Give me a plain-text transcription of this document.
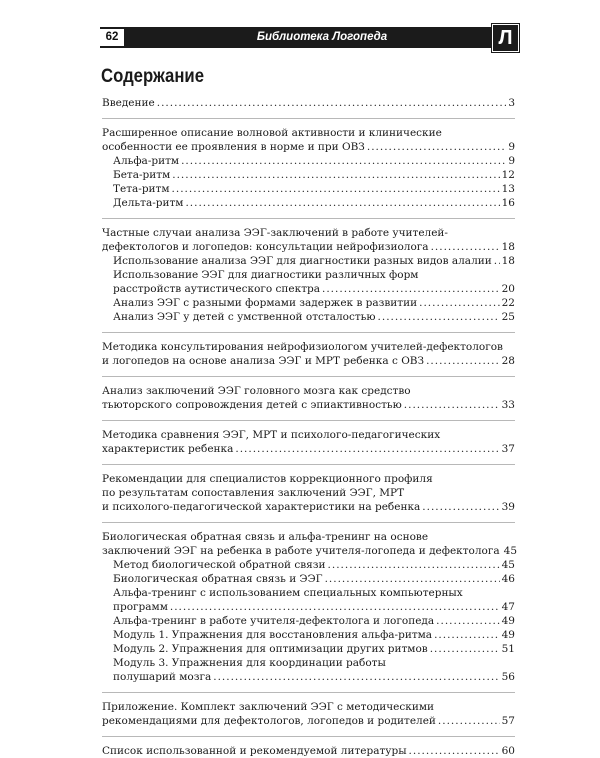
62	Библиотека Логопеда	Л
Содержание
Введение .....	3
Расширенное описание волновой активности и клинические
особенности ее проявления в норме и при ОВЗ .....	9
Альфа-ритм .....	9
Бета-ритм .....	12
Тета-ритм .....	13
Дельта-ритм .....	16
Частные случаи анализа ЭЭГ-заключений в работе учителей-
дефектологов и логопедов: консультации нейрофизиолога .....	18
Использование анализа ЭЭГ для диагностики разных видов алалии ..... 18
Использование ЭЭГ для диагностики различных форм
расстройств аутистического спектра .....	20
Анализ ЭЭГ с разными формами задержек в развитии .....	22
Анализ ЭЭГ у детей с умственной отсталостью .....	25
Методика консультирования нейрофизиологом учителей-дефектологов
и логопедов на основе анализа ЭЭГ и МРТ ребенка с ОВЗ .....	28
Анализ заключений ЭЭГ головного мозга как средство
тьюторского сопровождения детей с эпиактивностью .....	33
Методика сравнения ЭЭГ, МРТ и психолого-педагогических
характеристик ребенка .....	37
Рекомендации для специалистов коррекционного профиля
по результатам сопоставления заключений ЭЭГ, МРТ
и психолого-педагогической характеристики на ребенка .....	39
Биологическая обратная связь и альфа-тренинг на основе
заключений ЭЭГ на ребенка в работе учителя-логопеда и дефектолога 45
Метод биологической обратной связи .....	45
Биологическая обратная связь и ЭЭГ .....	46
Альфа-тренинг с использованием специальных компьютерных
программ .....	47
Альфа-тренинг в работе учителя-дефектолога и логопеда .....	49
Модуль 1. Упражнения для восстановления альфа-ритма .....	49
Модуль 2. Упражнения для оптимизации других ритмов .....	51
Модуль 3. Упражнения для координации работы
полушарий мозга .....	56
Приложение. Комплект заключений ЭЭГ с методическими
рекомендациями для дефектологов, логопедов и родителей .....	57
Список использованной и рекомендуемой литературы .....	60
